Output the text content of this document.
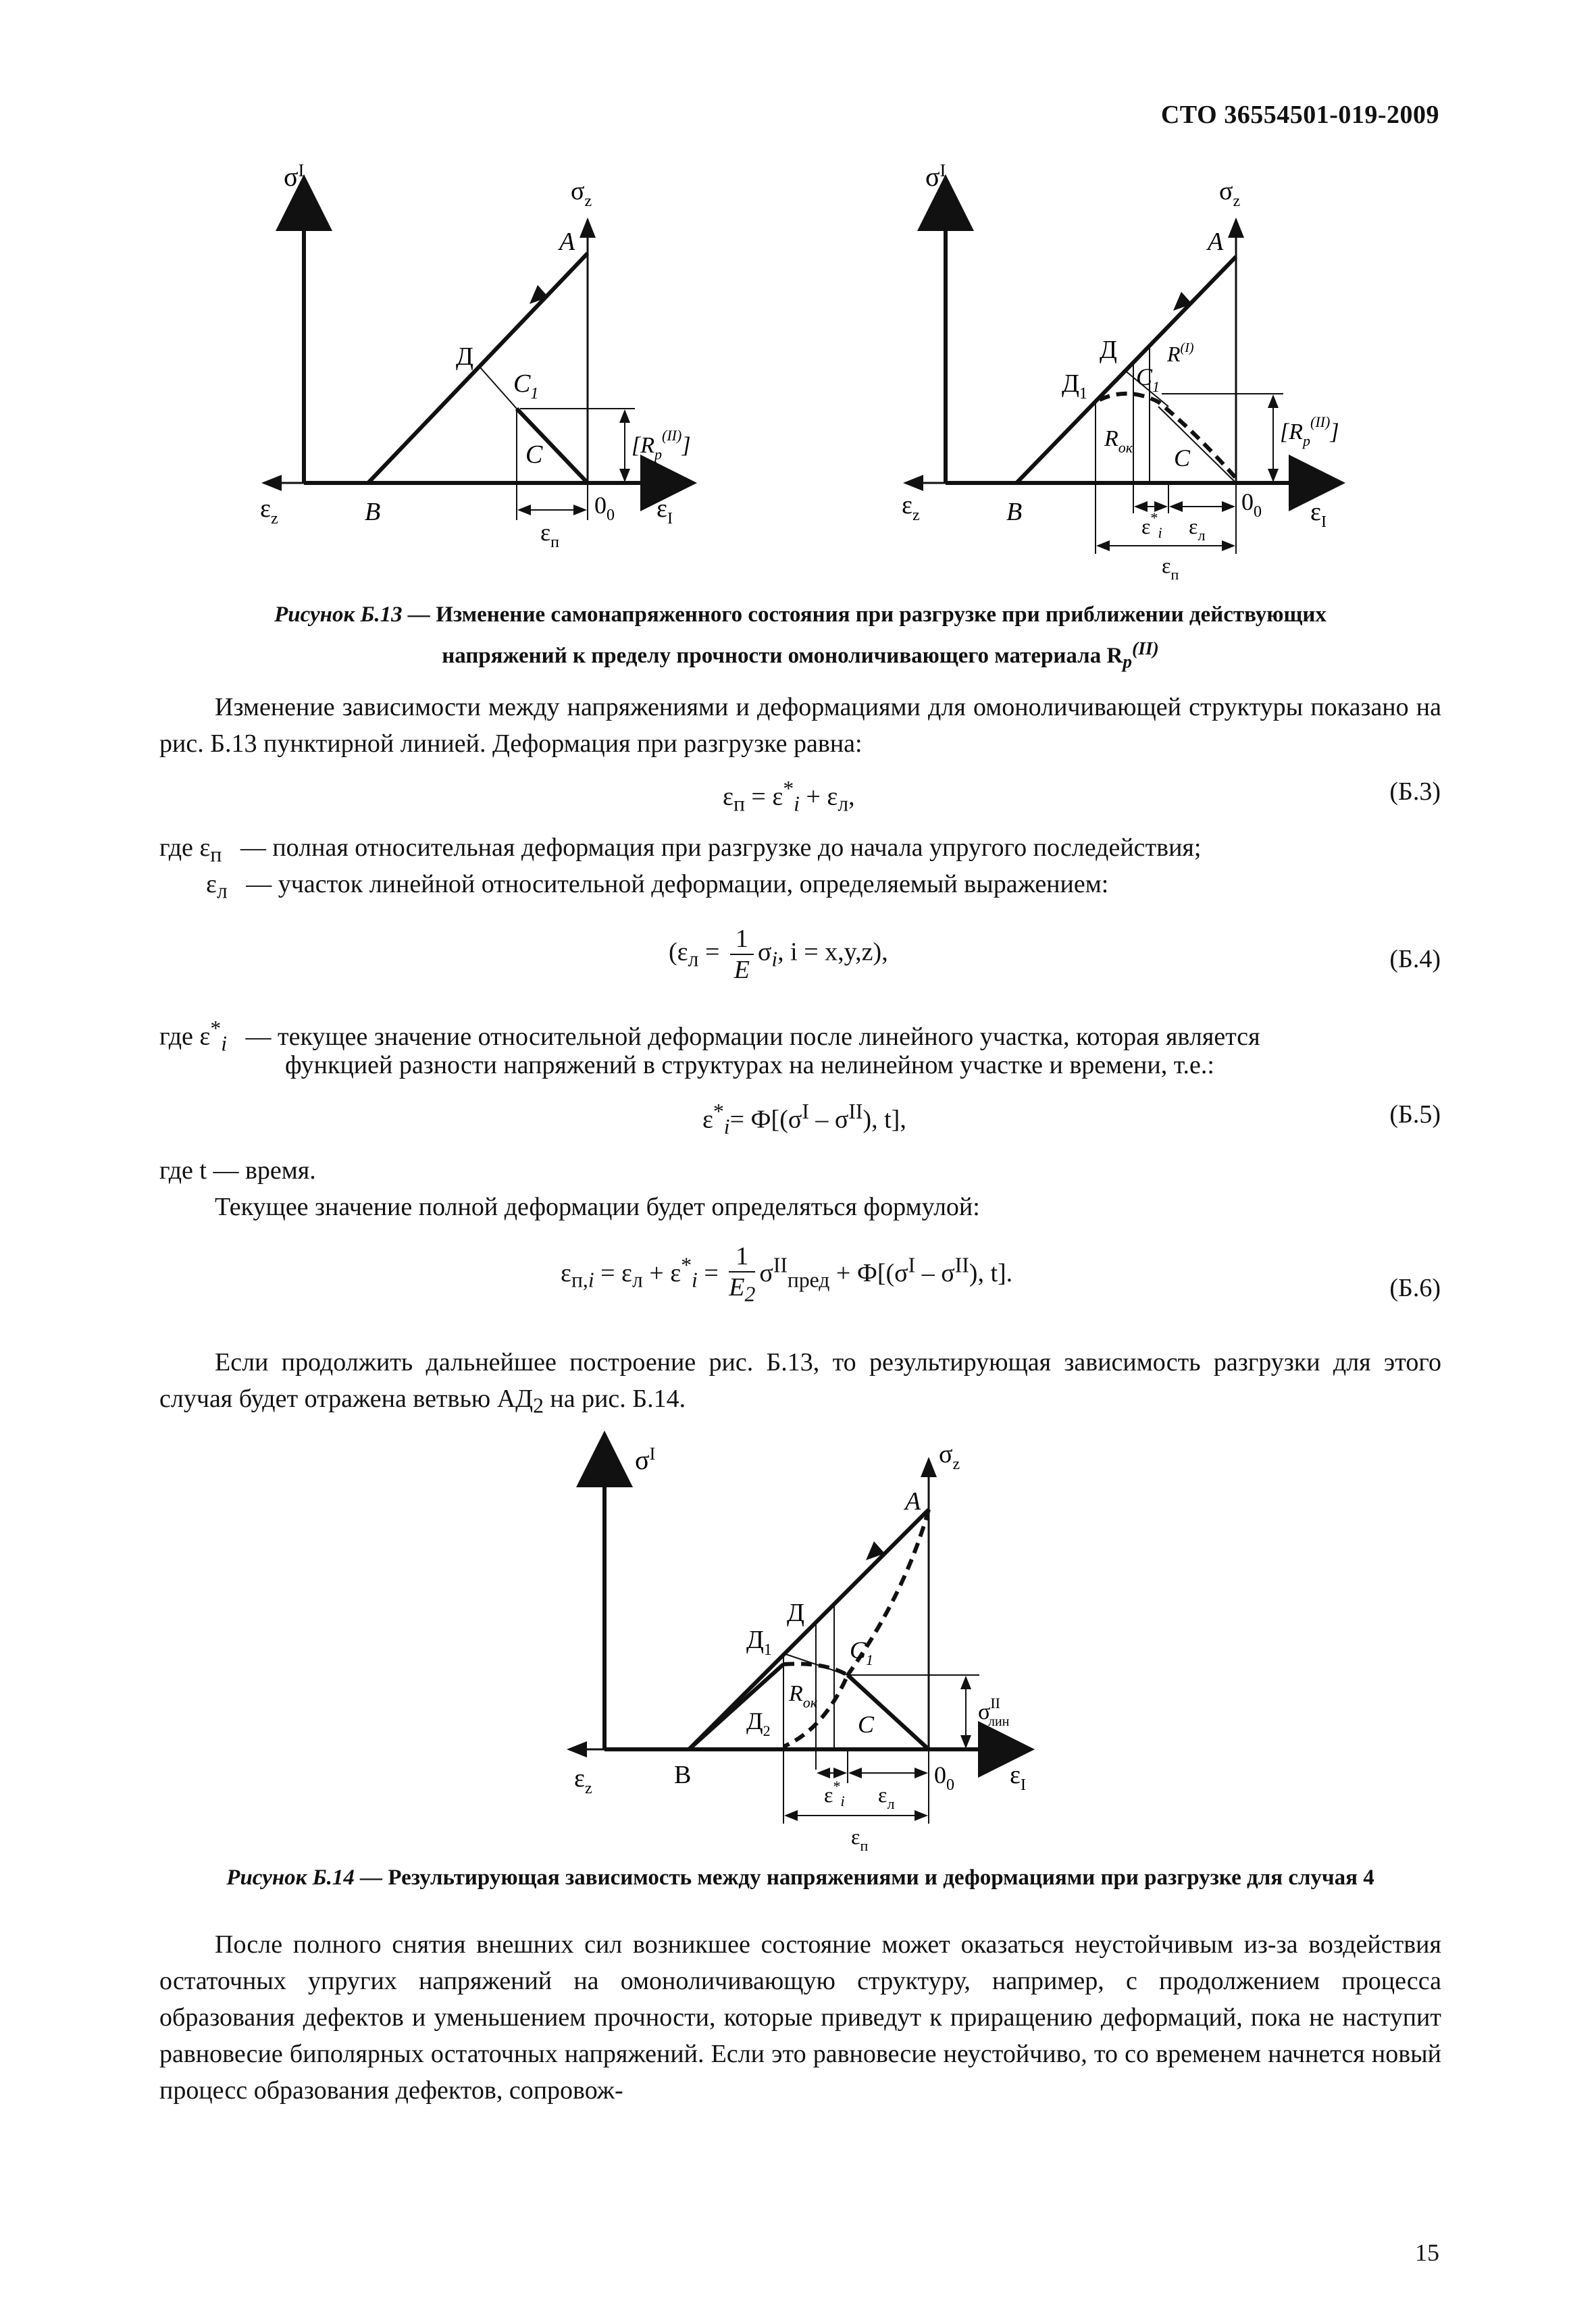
СТО 36554501-019-2009
$\sigma^I$
$\sigma_z$
A
Д
$C_1$
C
B
$\varepsilon_z$	$\varepsilon_I$
$0_0$
$[R_p^{(II)}]$
$\varepsilon_п$
$\sigma^I$
$\sigma_z$
A
Д
$Д_1$
$C_1$
$R^{(I)}$
$R_{ок}$ C
B
$\varepsilon_z$	$\varepsilon_I$
$0_0$
$[R_p^{(II)}]$
$\varepsilon^*_i$ $\varepsilon_л$
$\varepsilon_п$
Рисунок Б.13 — Изменение самонапряженного состояния при разгрузке при приближении действующих
напряжений к пределу прочности омоноличивающего материала $R_p^{(II)}$
Изменение зависимости между напряжениями и деформациями для омоноличивающей структуры показано на рис. Б.13 пунктирной линией. Деформация при разгрузке равна:
$\varepsilon_п = \varepsilon^*_i + \varepsilon_л$,	(Б.3)
где $\varepsilon_п$ — полная относительная деформация при разгрузке до начала упругого последействия;
$\varepsilon_л$ — участок линейной относительной деформации, определяемый выражением:
($\varepsilon_л = \frac{1}{E} \sigma_i$, i = x,y,z),	(Б.4)
где $\varepsilon^*_i$ — текущее значение относительной деформации после линейного участка, которая является
функцией разности напряжений в структурах на нелинейном участке и времени, т.е.:
$\varepsilon^*_i= Ф[(\sigma^I - \sigma^{II})$, t],	(Б.5)
где t — время.
Текущее значение полной деформации будет определяться формулой:
$\varepsilon_{п,i} = \varepsilon_л + \varepsilon^*_i = \frac{1}{E_2} \sigma^{II}_{пред} + Ф[(\sigma^I - \sigma^{II})$, t].
(Б.6)
Если продолжить дальнейшее построение рис. Б.13, то результирующая зависимость разгрузки для этого случая будет отражена ветвью $АД_2$ на рис. Б.14.
$\sigma^I$	$\sigma_z$
A
Д
$Д_1$
$Д_2$
$C_1$
$R_{ок}$
C
В
$\varepsilon_z$	$\varepsilon_I$
$0_0$
$\sigma^{II}$ лин
$\varepsilon^*_i$ $\varepsilon_л$
$\varepsilon_п$
Рисунок Б.14 — Результирующая зависимость между напряжениями и деформациями при разгрузке для случая 4
После полного снятия внешних сил возникшее состояние может оказаться неустойчивым из-за воздействия остаточных упругих напряжений на омоноличивающую структуру, например, с продолжением процесса образования дефектов и уменьшением прочности, которые приведут к приращению деформаций, пока не наступит равновесие биполярных остаточных напряжений. Если это равновесие неустойчиво, то со временем начнется новый процесс образования дефектов, сопровож-
15
